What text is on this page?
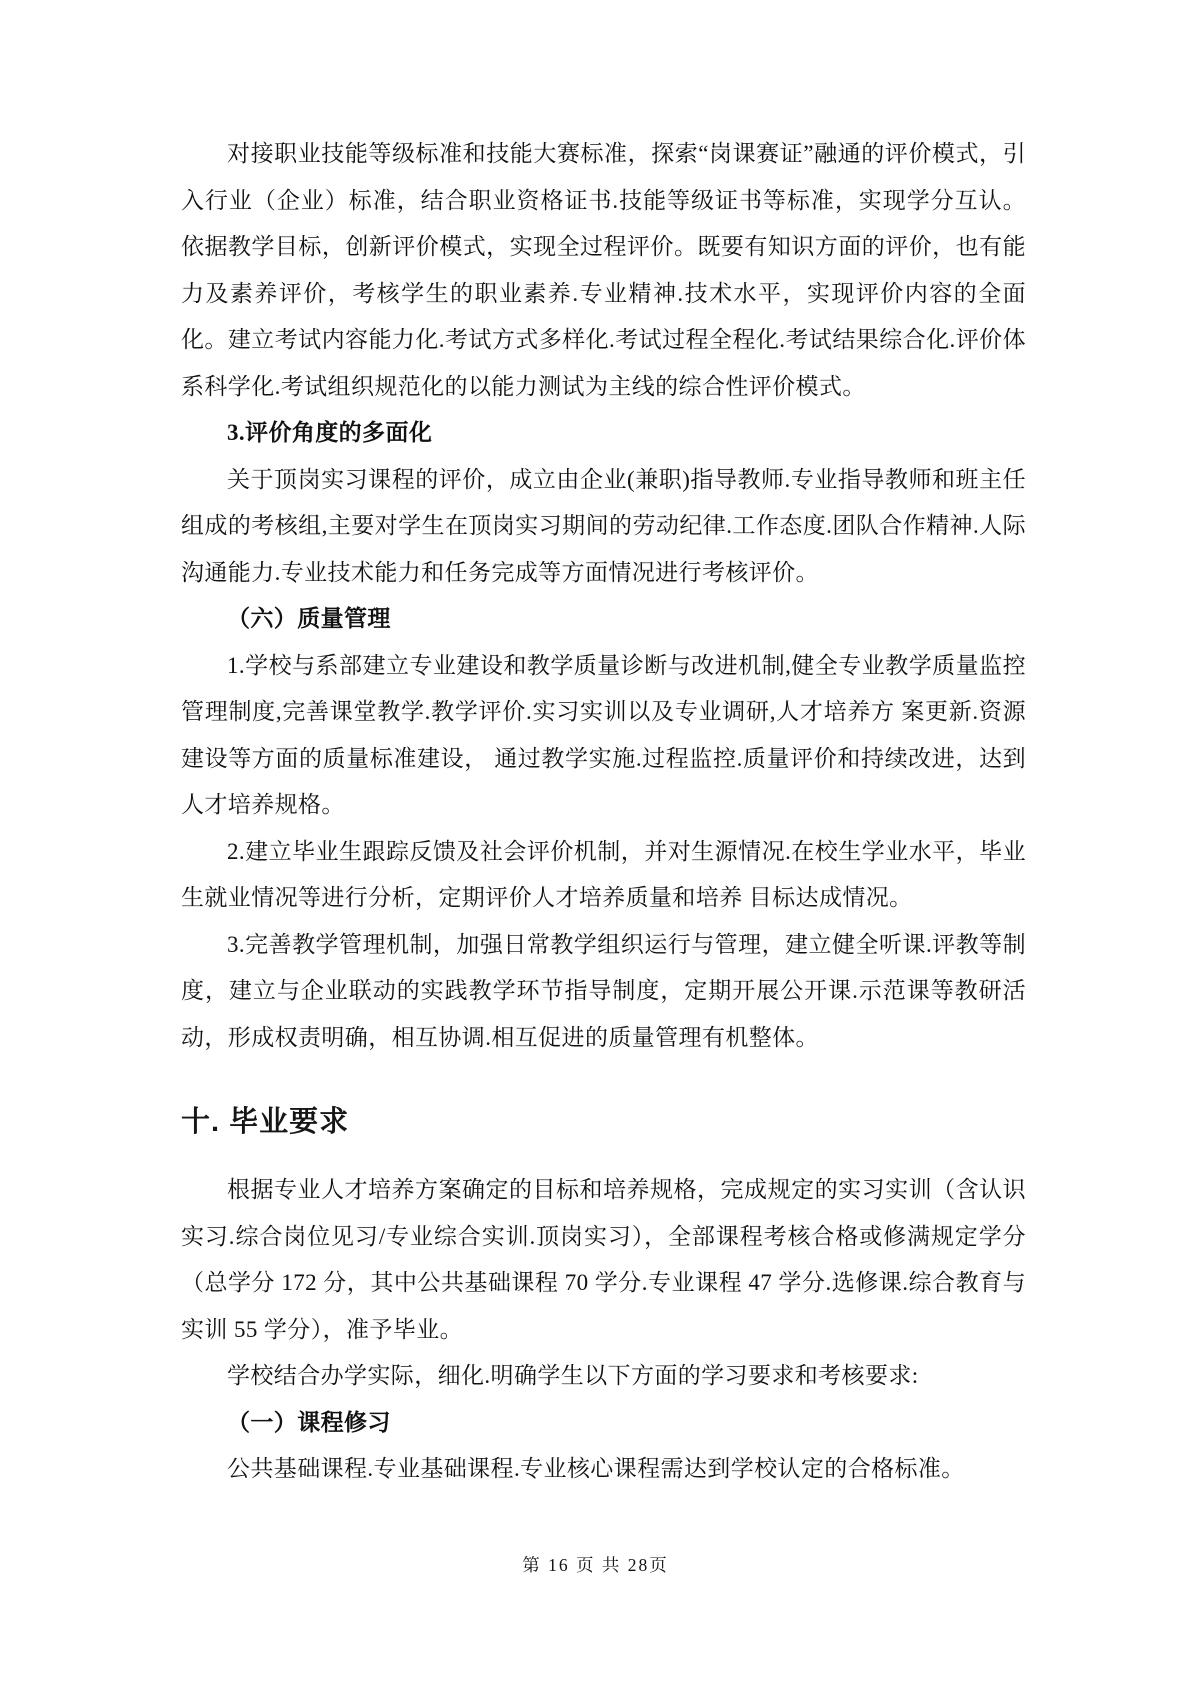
对接职业技能等级标准和技能大赛标准，探索“岗课赛证”融通的评价模式，引入行业（企业）标准，结合职业资格证书.技能等级证书等标准，实现学分互认。依据教学目标，创新评价模式，实现全过程评价。既要有知识方面的评价，也有能力及素养评价，考核学生的职业素养.专业精神.技术水平，实现评价内容的全面化。建立考试内容能力化.考试方式多样化.考试过程全程化.考试结果综合化.评价体系科学化.考试组织规范化的以能力测试为主线的综合性评价模式。

3.评价角度的多面化

关于顶岗实习课程的评价，成立由企业(兼职)指导教师.专业指导教师和班主任组成的考核组,主要对学生在顶岗实习期间的劳动纪律.工作态度.团队合作精神.人际沟通能力.专业技术能力和任务完成等方面情况进行考核评价。

（六）质量管理

1.学校与系部建立专业建设和教学质量诊断与改进机制,健全专业教学质量监控管理制度,完善课堂教学.教学评价.实习实训以及专业调研,人才培养方 案更新.资源建设等方面的质量标准建设， 通过教学实施.过程监控.质量评价和持续改进，达到人才培养规格。

2.建立毕业生跟踪反馈及社会评价机制，并对生源情况.在校生学业水平，毕业生就业情况等进行分析，定期评价人才培养质量和培养 目标达成情况。

3.完善教学管理机制，加强日常教学组织运行与管理，建立健全听课.评教等制度，建立与企业联动的实践教学环节指导制度，定期开展公开课.示范课等教研活动，形成权责明确，相互协调.相互促进的质量管理有机整体。

十. 毕业要求

根据专业人才培养方案确定的目标和培养规格，完成规定的实习实训（含认识实习.综合岗位见习/专业综合实训.顶岗实习），全部课程考核合格或修满规定学分（总学分 172 分，其中公共基础课程 70 学分.专业课程 47 学分.选修课.综合教育与实训 55 学分），准予毕业。

学校结合办学实际，细化.明确学生以下方面的学习要求和考核要求:

（一）课程修习

公共基础课程.专业基础课程.专业核心课程需达到学校认定的合格标准。

第 16 页 共 28页
